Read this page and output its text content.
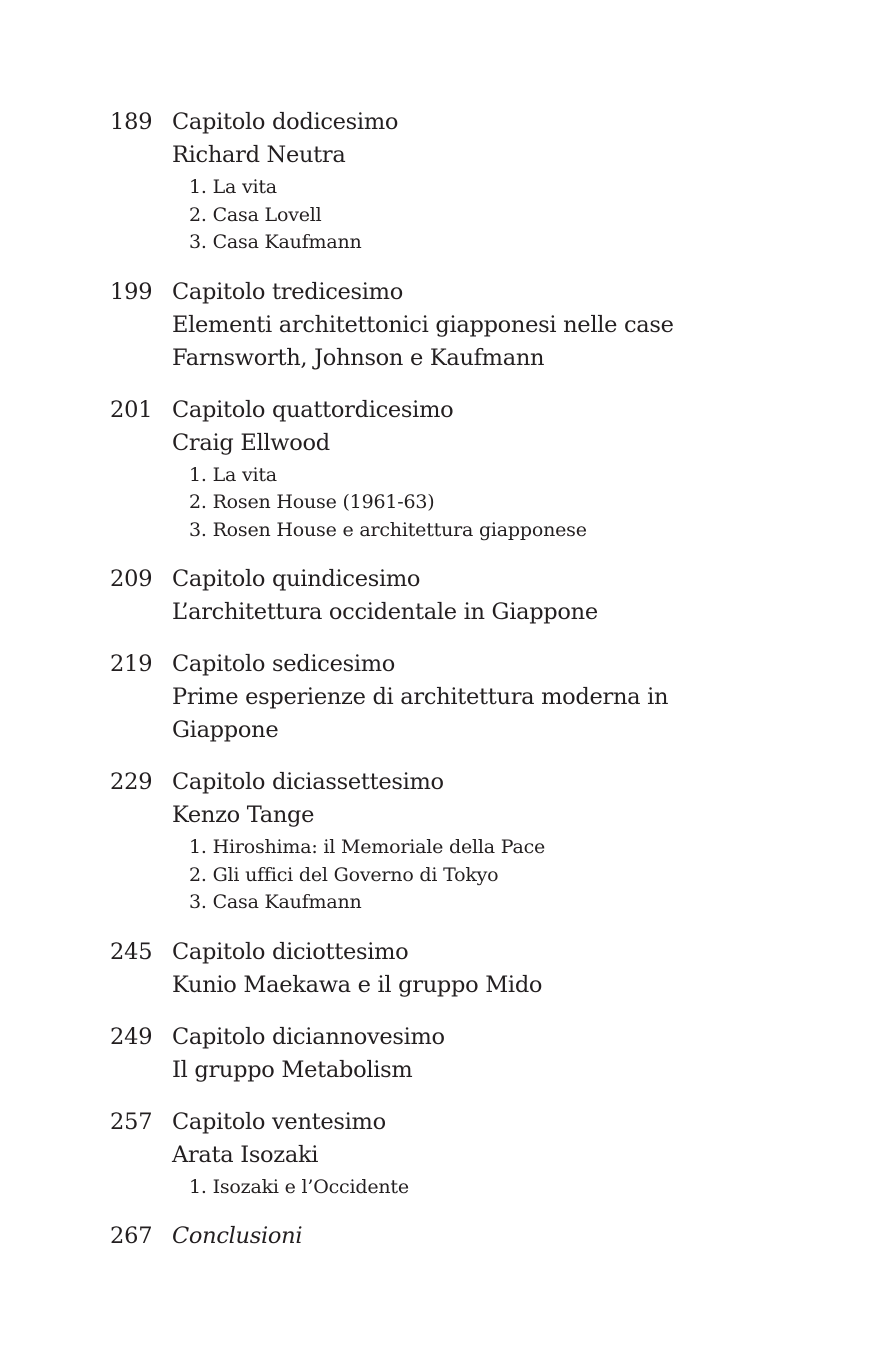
189 Capitolo dodicesimo

Richard Neutra

1 . La vita
2 . Casa Lovell
3 . Casa Kaufmann
199 Capitolo tredicesimo

Elementi architettonici giapponesi nelle case Farnsworth, Johnson e Kaufmann

201 Capitolo quattordicesimo

Craig Ellwood

1 . La vita
2 . Rosen House (1961-63)
3 . Rosen House e architettura giapponese
209 Capitolo quindicesimo

L’architettura occidentale in Giappone

219 Capitolo sedicesimo

Prime esperienze di architettura moderna in Giappone

229 Capitolo diciassettesimo

Kenzo Tange

1 . Hiroshima: il Memoriale della Pace
2 . Gli uffici del Governo di Tokyo
3 . Casa Kaufmann
245 Capitolo diciottesimo

Kunio Maekawa e il gruppo Mido

249 Capitolo diciannovesimo

Il gruppo Metabolism

257 Capitolo ventesimo

Arata Isozaki

1 . Isozaki e l’Occidente
267 Conclusioni
